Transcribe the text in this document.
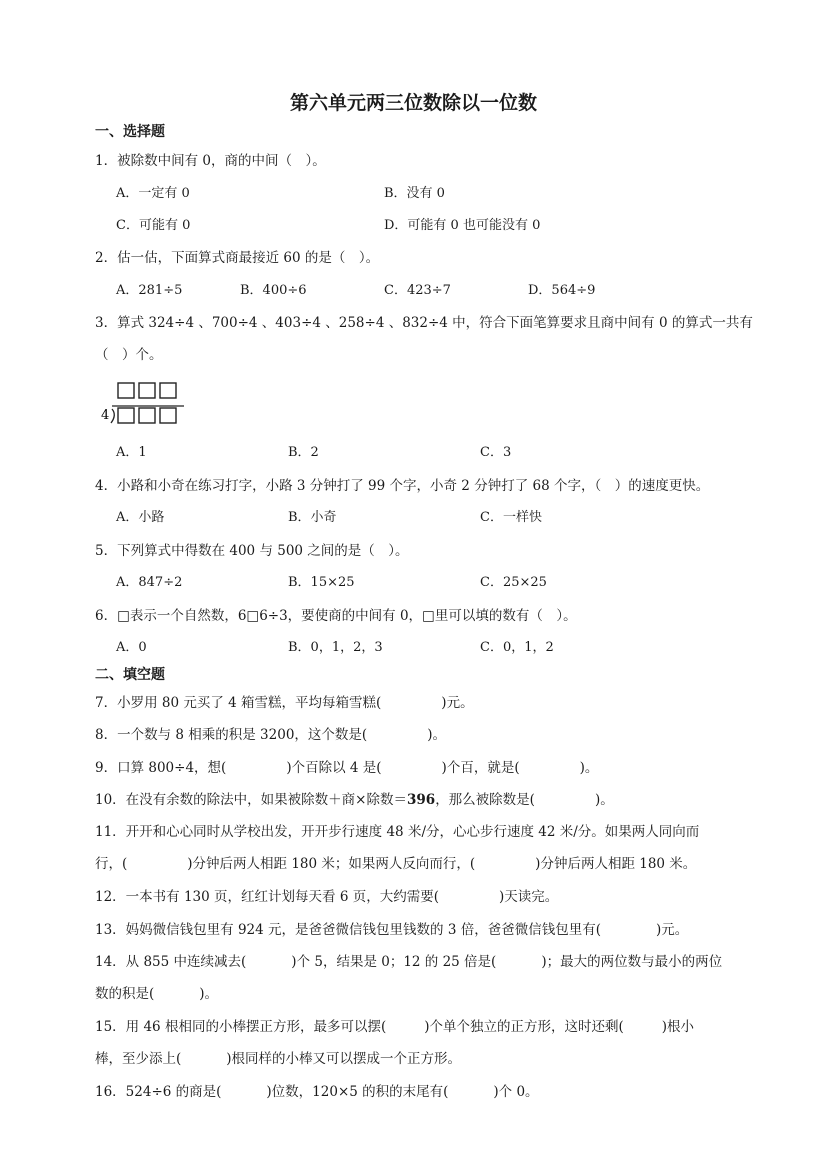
第六单元两三位数除以一位数
一、选择题
1．被除数中间有 0，商的中间（　）。
A．一定有 0	B．没有 0
C．可能有 0	D．可能有 0 也可能没有 0
2．估一估，下面算式商最接近 60 的是（　）。
A．281÷5	B．400÷6	C．423÷7	D．564÷9
3．算式 324÷4 、700÷4 、403÷4 、258÷4 、832÷4 中，符合下面笔算要求且商中间有 0 的算式一共有
（　）个。
4
A．1	B．2	C．3
4．小路和小奇在练习打字，小路 3 分钟打了 99 个字，小奇 2 分钟打了 68 个字，（　）的速度更快。
A．小路	B．小奇	C．一样快
5．下列算式中得数在 400 与 500 之间的是（　）。
A．847÷2	B．15×25	C．25×25
6．□表示一个自然数，6□6÷3，要使商的中间有 0，□里可以填的数有（　）。
A．0	B．0，1，2，3	C．0，1，2
二、填空题
7．小罗用 80 元买了 4 箱雪糕，平均每箱雪糕(	)元。
8．一个数与 8 相乘的积是 3200，这个数是(	)。
9．口算 800÷4，想(	)个百除以 4 是(	)个百，就是(	)。
10．在没有余数的除法中，如果被除数＋商×除数＝396，那么被除数是(	)。
11．开开和心心同时从学校出发，开开步行速度 48 米/分，心心步行速度 42 米/分。如果两人同向而
行，(	)分钟后两人相距 180 米；如果两人反向而行，(	)分钟后两人相距 180 米。
12．一本书有 130 页，红红计划每天看 6 页，大约需要(	)天读完。
13．妈妈微信钱包里有 924 元，是爸爸微信钱包里钱数的 3 倍，爸爸微信钱包里有(	)元。
14．从 855 中连续减去(	)个 5，结果是 0；12 的 25 倍是(	)；最大的两位数与最小的两位
数的积是(	)。
15．用 46 根相同的小棒摆正方形，最多可以摆(	)个单个独立的正方形，这时还剩(	)根小
棒，至少添上(	)根同样的小棒又可以摆成一个正方形。
16．524÷6 的商是(	)位数，120×5 的积的末尾有(	)个 0。
